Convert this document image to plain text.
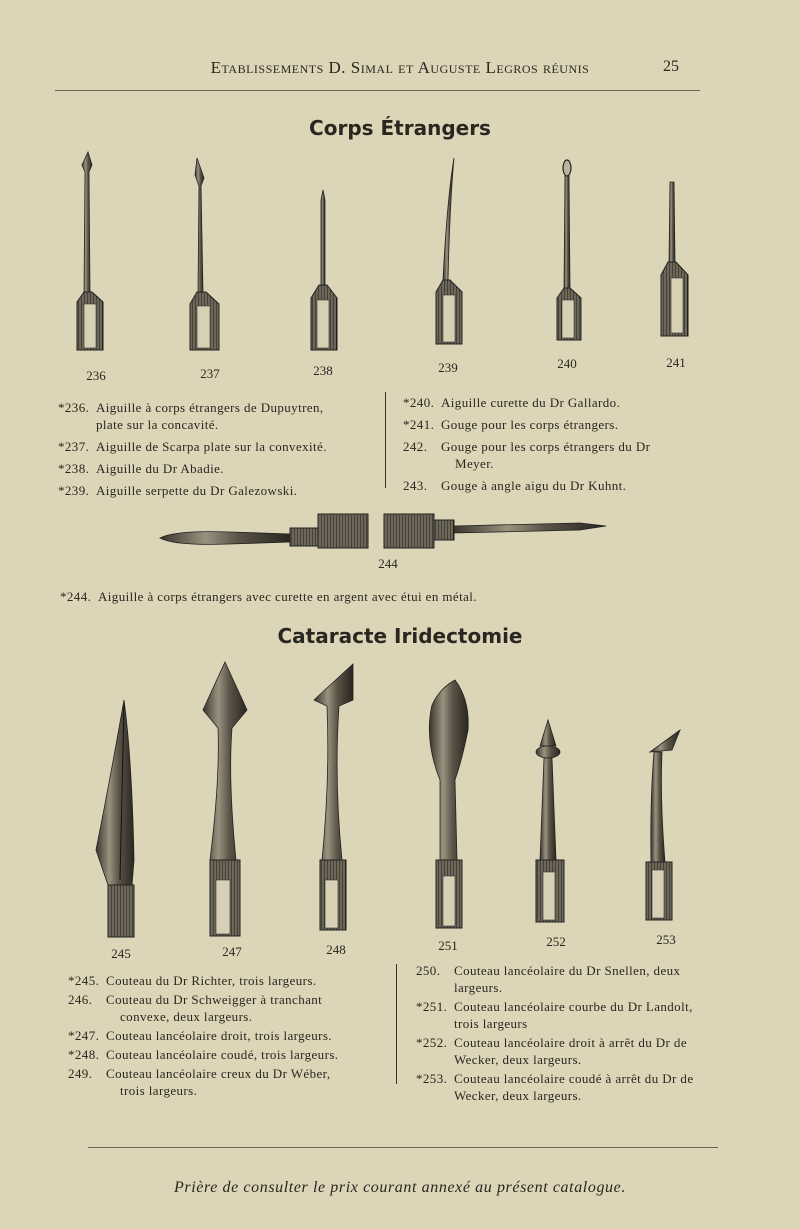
Etablissements D. Simal et Auguste Legros réunis	25
Corps Étrangers
236	237	238	239	240	241
*236. Aiguille à corps étrangers de Dupuytren,
plate sur la concavité.
*237. Aiguille de Scarpa plate sur la convexité.
*238. Aiguille du Dr Abadie.
*239. Aiguille serpette du Dr Galezowski.
*240. Aiguille curette du Dr Gallardo.
*241. Gouge pour les corps étrangers.
242. Gouge pour les corps étrangers du Dr
Meyer.
243. Gouge à angle aigu du Dr Kuhnt.
244
*244. Aiguille à corps étrangers avec curette en argent avec étui en métal.
Cataracte Iridectomie
245	247	248	251	252	253
*245. Couteau du Dr Richter, trois largeurs.
246. Couteau du Dr Schweigger à tranchant
convexe, deux largeurs.
*247. Couteau lancéolaire droit, trois largeurs.
*248. Couteau lancéolaire coudé, trois largeurs.
249. Couteau lancéolaire creux du Dr Wéber,
trois largeurs.
250. Couteau lancéolaire du Dr Snellen, deux
largeurs.
*251. Couteau lancéolaire courbe du Dr Landolt,
trois largeurs
*252. Couteau lancéolaire droit à arrêt du Dr de
Wecker, deux largeurs.
*253. Couteau lancéolaire coudé à arrêt du Dr de
Wecker, deux largeurs.
Prière de consulter le prix courant annexé au présent catalogue.
